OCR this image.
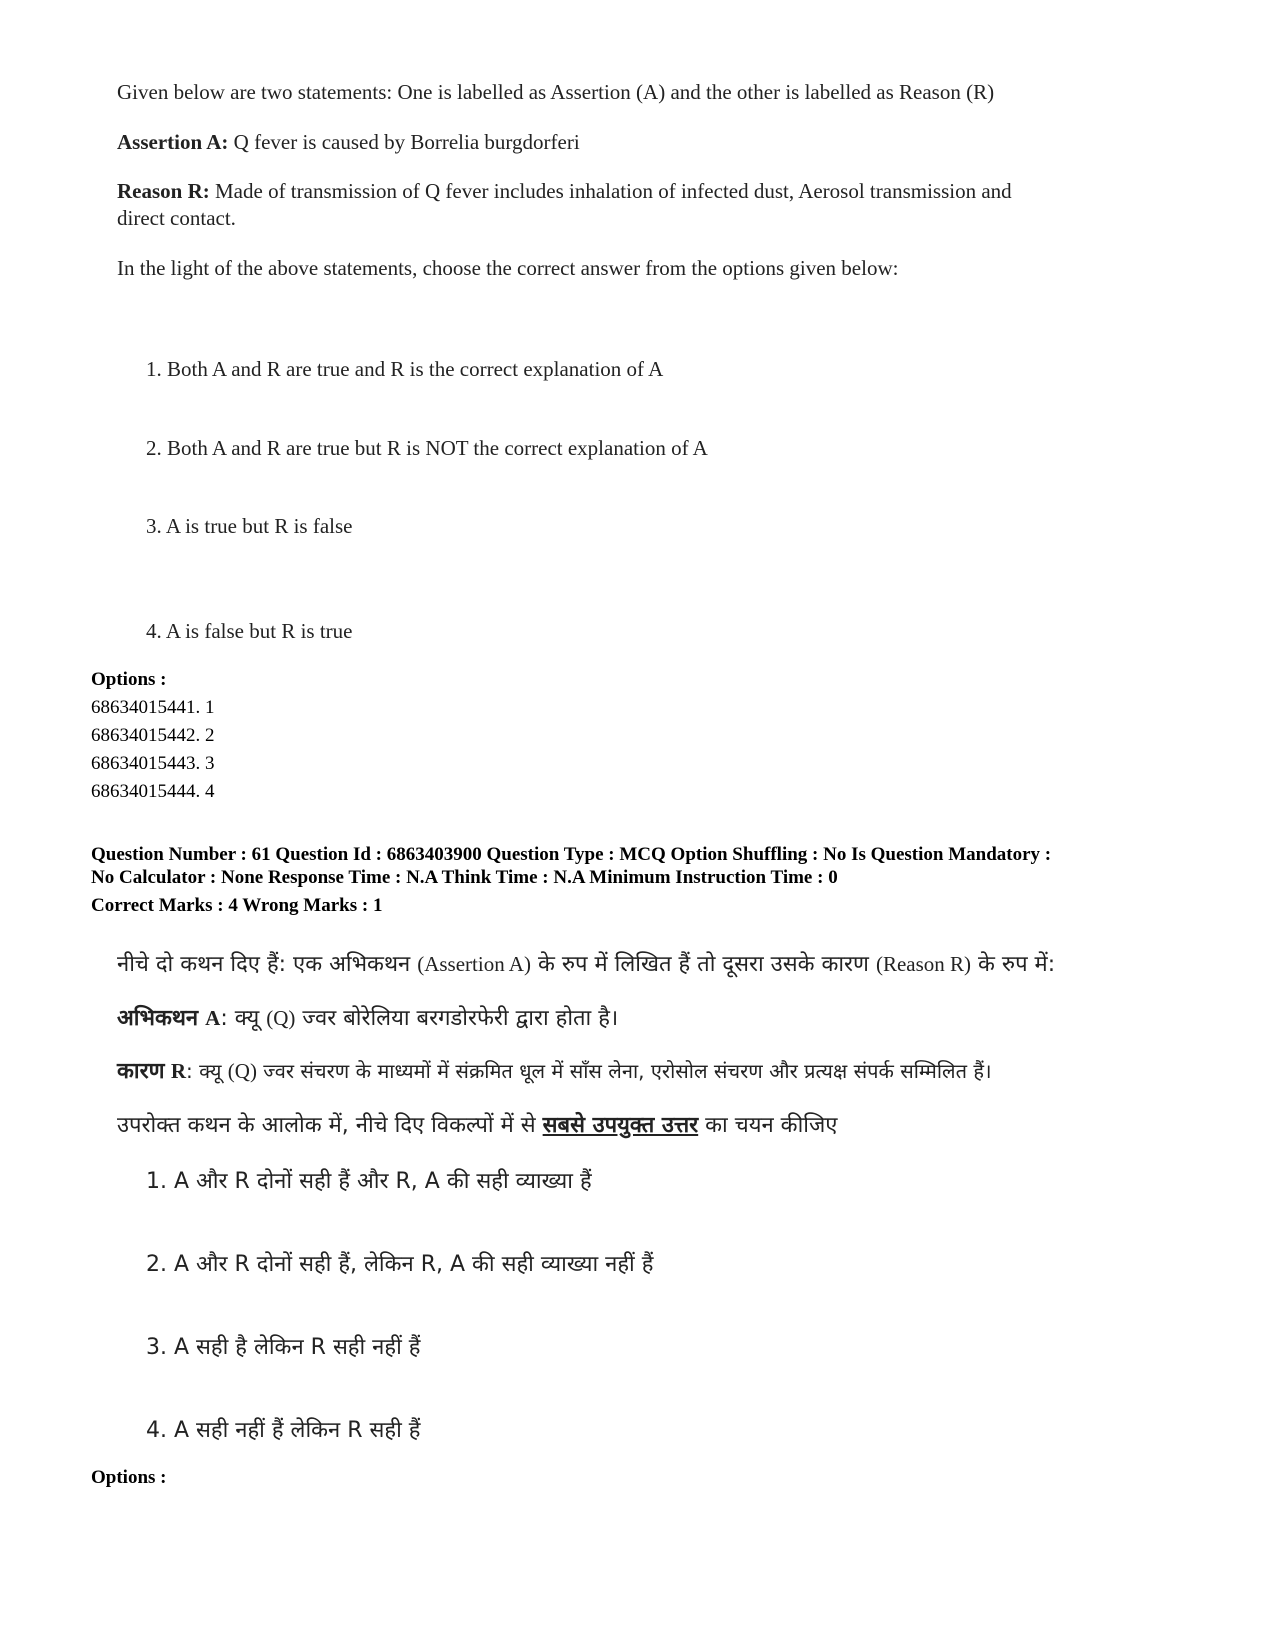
Given below are two statements: One is labelled as Assertion (A) and the other is labelled as Reason (R)
Assertion A: Q fever is caused by Borrelia burgdorferi
Reason R: Made of transmission of Q fever includes inhalation of infected dust, Aerosol transmission and
direct contact.
In the light of the above statements, choose the correct answer from the options given below:
1. Both A and R are true and R is the correct explanation of A
2. Both A and R are true but R is NOT the correct explanation of A
3. A is true but R is false
4. A is false but R is true
Options :
68634015441. 1
68634015442. 2
68634015443. 3
68634015444. 4
Question Number : 61 Question Id : 6863403900 Question Type : MCQ Option Shuffling : No Is Question Mandatory :
No Calculator : None Response Time : N.A Think Time : N.A Minimum Instruction Time : 0
Correct Marks : 4 Wrong Marks : 1
नीचे दो कथन दिए हैं: एक अभिकथन (Assertion A) के रुप में लिखित हैं तो दूसरा उसके कारण (Reason R) के रुप में:
अभिकथन A: क्यू (Q) ज्वर बोरेलिया बरगडोरफेरी द्वारा होता है।
कारण R: क्यू (Q) ज्वर संचरण के माध्यमों में संक्रमित धूल में साँस लेना, एरोसोल संचरण और प्रत्यक्ष संपर्क सम्मिलित हैं।
उपरोक्त कथन के आलोक में, नीचे दिए विकल्पों में से सबसे उपयुक्त उत्तर का चयन कीजिए
1. A और R दोनों सही हैं और R, A की सही व्याख्या हैं
2. A और R दोनों सही हैं, लेकिन R, A की सही व्याख्या नहीं हैं
3. A सही है लेकिन R सही नहीं हैं
4. A सही नहीं हैं लेकिन R सही हैं
Options :
